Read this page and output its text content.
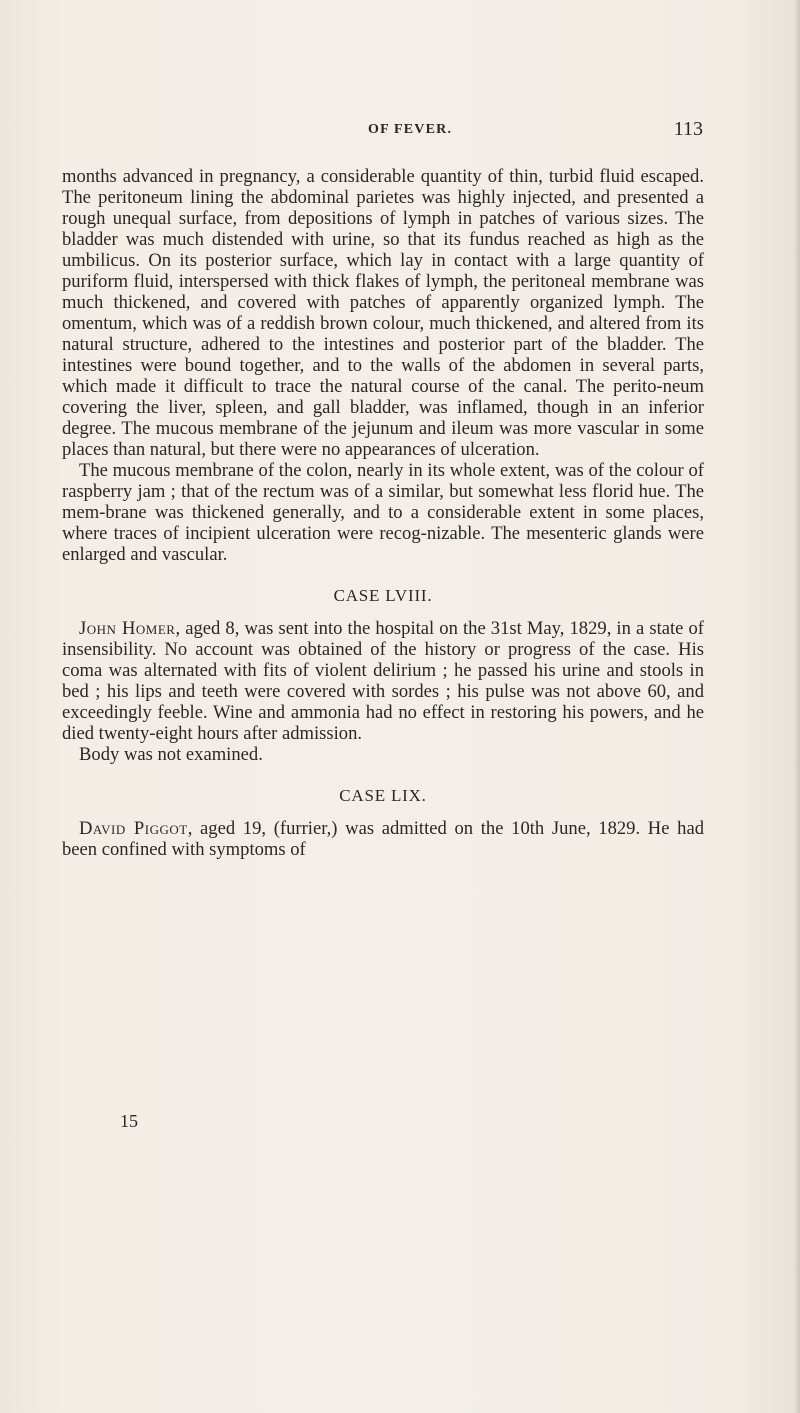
OF FEVER.	113

months advanced in pregnancy, a considerable quantity of thin, turbid fluid escaped. The peritoneum lining the abdominal parietes was highly injected, and presented a rough unequal surface, from depositions of lymph in patches of various sizes. The bladder was much distended with urine, so that its fundus reached as high as the umbilicus. On its posterior surface, which lay in contact with a large quantity of puriform fluid, interspersed with thick flakes of lymph, the peritoneal membrane was much thickened, and covered with patches of apparently organized lymph. The omentum, which was of a reddish brown colour, much thickened, and altered from its natural structure, adhered to the intestines and posterior part of the bladder. The intestines were bound together, and to the walls of the abdomen in several parts, which made it difficult to trace the natural course of the canal. The perito-neum covering the liver, spleen, and gall bladder, was inflamed, though in an inferior degree. The mucous membrane of the jejunum and ileum was more vascular in some places than natural, but there were no appearances of ulceration.

The mucous membrane of the colon, nearly in its whole extent, was of the colour of raspberry jam ; that of the rectum was of a similar, but somewhat less florid hue. The mem-brane was thickened generally, and to a considerable extent in some places, where traces of incipient ulceration were recog-nizable. The mesenteric glands were enlarged and vascular.

CASE LVIII.

John Homer, aged 8, was sent into the hospital on the 31st May, 1829, in a state of insensibility. No account was obtained of the history or progress of the case. His coma was alternated with fits of violent delirium ; he passed his urine and stools in bed ; his lips and teeth were covered with sordes ; his pulse was not above 60, and exceedingly feeble. Wine and ammonia had no effect in restoring his powers, and he died twenty-eight hours after admission.

Body was not examined.

CASE LIX.

David Piggot, aged 19, (furrier,) was admitted on the 10th June, 1829. He had been confined with symptoms of

15
